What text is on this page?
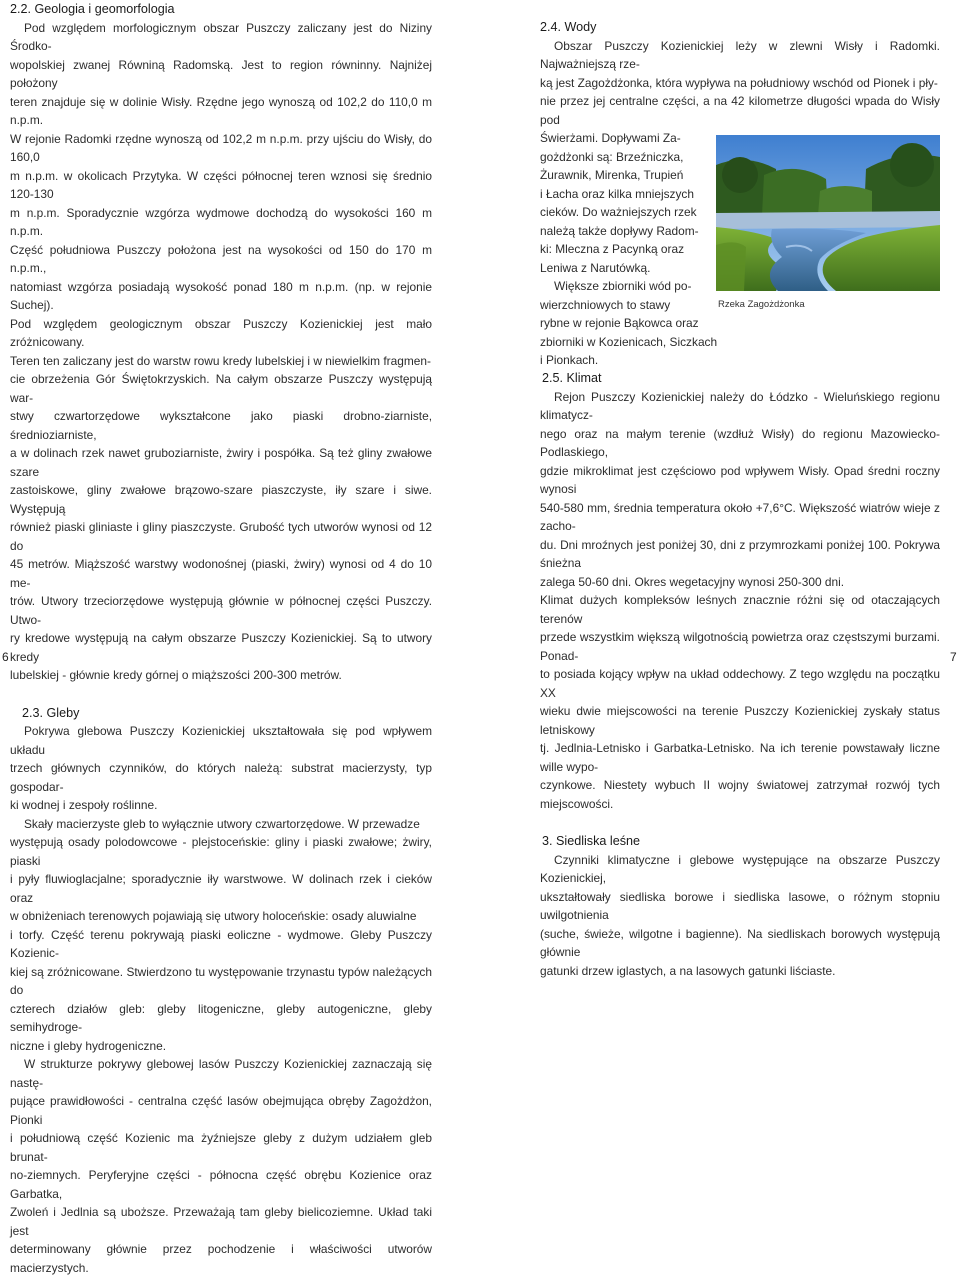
2.2. Geologia i geomorfologia

Pod względem morfologicznym obszar Puszczy zaliczany jest do Niziny Środko-

wopolskiej zwanej Równiną Radomską. Jest to region równinny. Najniżej położony

teren znajduje się w dolinie Wisły. Rzędne jego wynoszą od 102,2 do 110,0 m n.p.m.

W rejonie Radomki rzędne wynoszą od 102,2 m n.p.m. przy ujściu do Wisły, do 160,0

m n.p.m. w okolicach Przytyka. W części północnej teren wznosi się średnio 120-130

m n.p.m. Sporadycznie wzgórza wydmowe dochodzą do wysokości 160 m n.p.m.

Część południowa Puszczy położona jest na wysokości od 150 do 170 m n.p.m.,

natomiast wzgórza posiadają wysokość ponad 180 m n.p.m. (np. w rejonie Suchej).

Pod względem geologicznym obszar Puszczy Kozienickiej jest mało zróżnicowany.

Teren ten zaliczany jest do warstw rowu kredy lubelskiej i w niewielkim fragmen-

cie obrzeżenia Gór Świętokrzyskich. Na całym obszarze Puszczy występują war-

stwy czwartorzędowe wykształcone jako piaski drobno-ziarniste, średnioziarniste,

a w dolinach rzek nawet gruboziarniste, żwiry i pospółka. Są też gliny zwałowe szare

zastoiskowe, gliny zwałowe brązowo-szare piaszczyste, iły szare i siwe. Występują

również piaski gliniaste i gliny piaszczyste. Grubość tych utworów wynosi od 12 do

45 metrów. Miąższość warstwy wodonośnej (piaski, żwiry) wynosi od 4 do 10 me-

trów. Utwory trzeciorzędowe występują głównie w północnej części Puszczy. Utwo-

ry kredowe występują na całym obszarze Puszczy Kozienickiej. Są to utwory kredy

lubelskiej - głównie kredy górnej o miąższości 200-300 metrów.

2.3. Gleby

Pokrywa glebowa Puszczy Kozienickiej ukształtowała się pod wpływem układu

trzech głównych czynników, do których należą: substrat macierzysty, typ gospodar-

ki wodnej i zespoły roślinne.

Skały macierzyste gleb to wyłącznie utwory czwartorzędowe. W przewadze

występują osady polodowcowe - plejstoceńskie: gliny i piaski zwałowe; żwiry, piaski

i pyły fluwioglacjalne; sporadycznie iły warstwowe. W dolinach rzek i cieków oraz

w obniżeniach terenowych pojawiają się utwory holoceńskie: osady aluwialne

i torfy. Część terenu pokrywają piaski eoliczne - wydmowe. Gleby Puszczy Kozienic-

kiej są zróżnicowane. Stwierdzono tu występowanie trzynastu typów należących do

czterech działów gleb: gleby litogeniczne, gleby autogeniczne, gleby semihydroge-

niczne i gleby hydrogeniczne.

W strukturze pokrywy glebowej lasów Puszczy Kozienickiej zaznaczają się nastę-

pujące prawidłowości - centralna część lasów obejmująca obręby Zagożdżon, Pionki

i południową część Kozienic ma żyźniejsze gleby z dużym udziałem gleb brunat-

no-ziemnych. Peryferyjne części - północna część obrębu Kozienice oraz Garbatka,

Zwoleń i Jedlnia są uboższe. Przeważają tam gleby bielicoziemne. Układ taki jest

determinowany głównie przez pochodzenie i właściwości utworów macierzystych.

6
2.4. Wody

Obszar Puszczy Kozienickiej leży w zlewni Wisły i Radomki. Najważniejszą rze-

ką jest Zagożdżonka, która wypływa na południowy wschód od Pionek i pły-

nie przez jej centralne części, a na 42 kilometrze długości wpada do Wisły pod

Świerżami. Dopływami Za-

gożdżonki są: Brzeźniczka,

Żurawnik, Mirenka, Trupień

i Łacha oraz kilka mniejszych

cieków. Do ważniejszych rzek

należą także dopływy Radom-

ki: Mleczna z Pacynką oraz

Leniwa z Narutówką.

Większe zbiorniki wód po-

wierzchniowych to stawy

rybne w rejonie Bąkowca oraz

Rzeka Zagożdżonka

zbiorniki w Kozienicach, Siczkach

i Pionkach.

2.5. Klimat

Rejon Puszczy Kozienickiej należy do Łódzko - Wieluńskiego regionu klimatycz-

nego oraz na małym terenie (wzdłuż Wisły) do regionu Mazowiecko-Podlaskiego,

gdzie mikroklimat jest częściowo pod wpływem Wisły. Opad średni roczny wynosi

540-580 mm, średnia temperatura około +7,6°C. Większość wiatrów wieje z zacho-

du. Dni mroźnych jest poniżej 30, dni z przymrozkami poniżej 100. Pokrywa śnieżna

zalega 50-60 dni. Okres wegetacyjny wynosi 250-300 dni.

Klimat dużych kompleksów leśnych znacznie różni się od otaczających terenów

przede wszystkim większą wilgotnością powietrza oraz częstszymi burzami. Ponad-

to posiada kojący wpływ na układ oddechowy. Z tego względu na początku XX

wieku dwie miejscowości na terenie Puszczy Kozienickiej zyskały status letniskowy

tj. Jedlnia-Letnisko i Garbatka-Letnisko. Na ich terenie powstawały liczne wille wypo-

czynkowe. Niestety wybuch II wojny światowej zatrzymał rozwój tych miejscowości.

3. Siedliska leśne

Czynniki klimatyczne i glebowe występujące na obszarze Puszczy Kozienickiej,

ukształtowały siedliska borowe i siedliska lasowe, o różnym stopniu uwilgotnienia

(suche, świeże, wilgotne i bagienne). Na siedliskach borowych występują głównie

gatunki drzew iglastych, a na lasowych gatunki liściaste.

7
